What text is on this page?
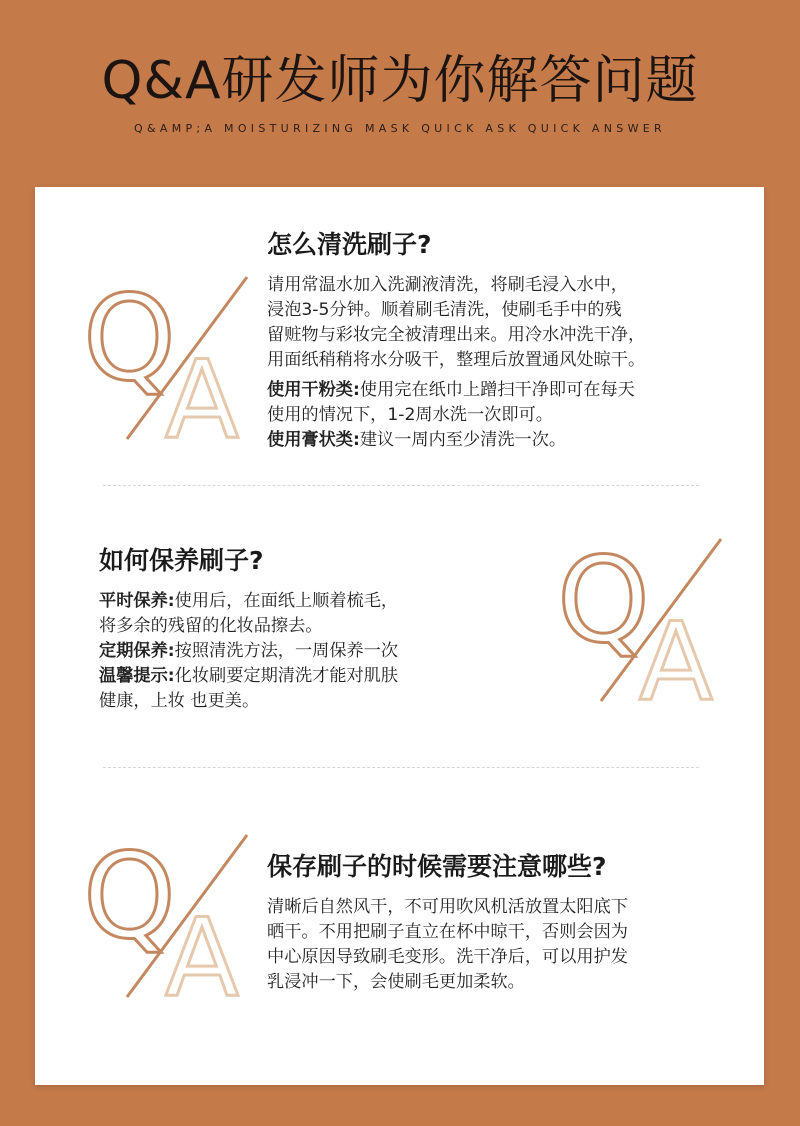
Q&A研发师为你解答问题
Q&AMP;A MOISTURIZING MASK QUICK ASK QUICK ANSWER
Q
A
怎么清洗刷子?

请用常温水加入洗涮液清洗，将刷毛浸入水中，

浸泡3-5分钟。顺着刷毛清洗，使刷毛手中的残

留赃物与彩妆完全被清理出来。用冷水冲洗干净，

用面纸稍稍将水分吸干，整理后放置通风处晾干。

使用干粉类:使用完在纸巾上蹭扫干净即可在每天

使用的情况下，1-2周水洗一次即可。

使用膏状类:建议一周内至少清洗一次。

如何保养刷子?

平时保养:使用后，在面纸上顺着梳毛，

将多余的残留的化妆品擦去。

定期保养:按照清洗方法，一周保养一次

温馨提示:化妆刷要定期清洗才能对肌肤

健康，上妆 也更美。

Q
A
Q
A
保存刷子的时候需要注意哪些?

清晰后自然风干，不可用吹风机活放置太阳底下

晒干。不用把刷子直立在杯中晾干，否则会因为

中心原因导致刷毛变形。洗干净后，可以用护发

乳浸冲一下，会使刷毛更加柔软。
